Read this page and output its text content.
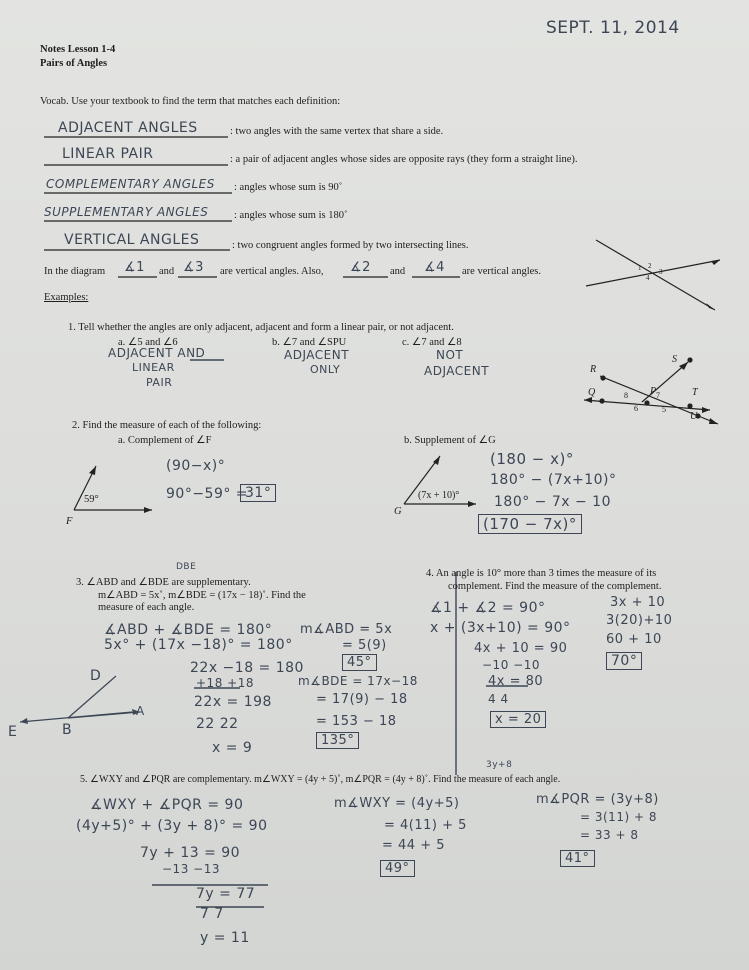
SEPT. 11, 2014
Notes Lesson 1-4
Pairs of Angles
Vocab. Use your textbook to find the term that matches each definition:
ADJACENT ANGLES	: two angles with the same vertex that share a side.
LINEAR PAIR	: a pair of adjacent angles whose sides are opposite rays (they form a straight line).
COMPLEMENTARY ANGLES : angles whose sum is 90˚
SUPPLEMENTARY ANGLES : angles whose sum is 180˚
VERTICAL ANGLES	: two congruent angles formed by two intersecting lines.
In the diagram ∡1 and ∡3 are vertical angles. Also, ∡2 and ∡4 are vertical angles.
Examples:
1 2
3
4
1. Tell whether the angles are only adjacent, adjacent and form a linear pair, or not adjacent.
a. ∠5 and ∠6
ADJACENT AND
LINEAR
PAIR
b. ∠7 and ∠SPU
ADJACENT
ONLY
c. ∠7 and ∠8
NOT
ADJACENT	R
S
Q	P	T
U
8	7
6	5
2. Find the measure of each of the following:
a. Complement of ∠F	b. Supplement of ∠G
59°
F
(7x + 10)°
G
(90−x)°
90°−59° =
31°
(180 − x)°
180° − (7x+10)°
180° − 7x − 10
(170 − 7x)°
DBE
3. ∠ABD and ∠BDE are supplementary.
m∠ABD = 5x˚, m∠BDE = (17x − 18)˚. Find the
measure of each angle.
∡ABD + ∡BDE = 180°
5x° + (17x −18)° = 180°
22x −18 = 180
+18 +18
22x = 198
22 22
x = 9
m∡ABD = 5x
= 5(9)
45°
m∡BDE = 17x−18
= 17(9) − 18
= 153 − 18
135°
D
A
E	B
4. An angle is 10° more than 3 times the measure of its
complement. Find the measure of the complement.
∡1 + ∡2 = 90°
x + (3x+10) = 90°
4x + 10 = 90
−10 −10
4x = 80
4 4
x = 20
3x + 10
3(20)+10
60 + 10
70°
3y+8
5. ∠WXY and ∠PQR are complementary. m∠WXY = (4y + 5)˚, m∠PQR = (4y + 8)˚. Find the measure of each angle.
∡WXY + ∡PQR = 90
(4y+5)° + (3y + 8)° = 90
7y + 13 = 90
−13 −13
7y = 77
7 7
y = 11
m∡WXY = (4y+5)
= 4(11) + 5
= 44 + 5
49°
m∡PQR = (3y+8)
= 3(11) + 8
= 33 + 8
41°
